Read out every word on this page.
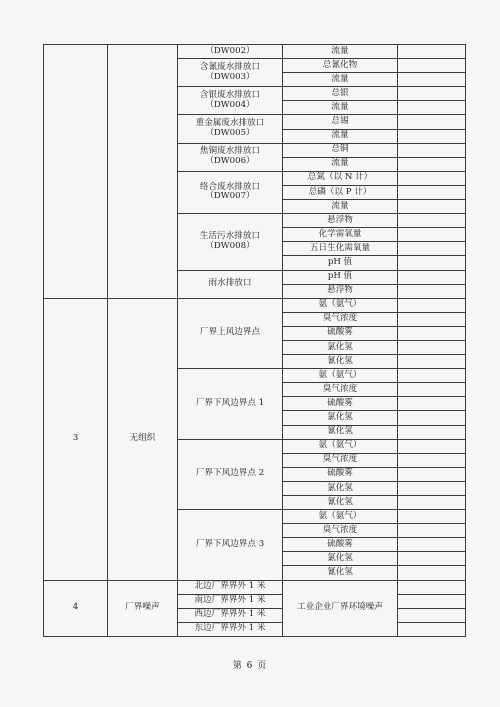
		（DW002）	流量	

		含氰废水排放口
（DW003）	总氰化物	
			流量	

		含银废水排放口
（DW004）	总银	
			流量	

		重金属废水排放口
（DW005）	总锡	
			流量	

		焦铜废水排放口
（DW006）	总铜	
			流量	

		络合废水排放口
（DW007）	总氮（以 N 计）	
			总磷（以 P 计）	
			流量	

		生活污水排放口
（DW008）	悬浮物	
			化学需氧量	
			五日生化需氧量	
			pH 值	

		雨水排放口	pH 值	
			悬浮物	
3	无组织	厂界上风边界点	氨（氨气）	
			臭气浓度	
			硫酸雾	
			氯化氢	
			氰化氢	

		厂界下风边界点 1	氨（氨气）	
			臭气浓度	
			硫酸雾	
			氯化氢	
			氰化氢	

		厂界下风边界点 2	氨（氨气）	
			臭气浓度	
			硫酸雾	
			氯化氢	
			氰化氢	

		厂界下风边界点 3	氨（氨气）	
			臭气浓度	
			硫酸雾	
			氯化氢	
			氰化氢	
4	厂界噪声	北边厂界界外 1 米	工业企业厂界环境噪声	
		南边厂界界外 1 米		
		西边厂界界外 1 米		
		东边厂界界外 1 米		
第 6 页
